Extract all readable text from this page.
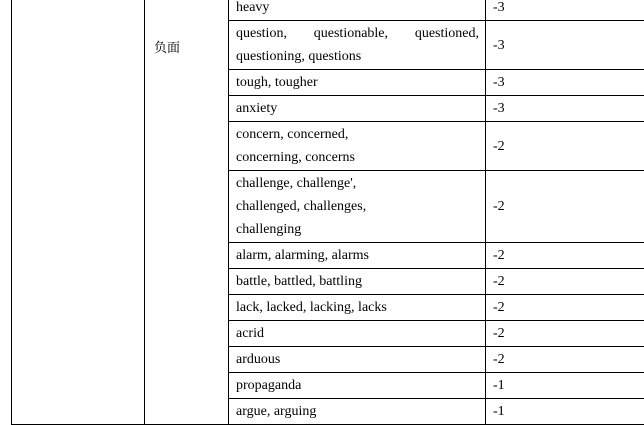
	负面	heavy	-3
		question, questionable, questioned, questioning, questions	-3
		tough, tougher	-3
		anxiety	-3
		concern, concerned, concerning, concerns	-2
		challenge, challenge', challenged, challenges, challenging	-2
		alarm, alarming, alarms	-2
		battle, battled, battling	-2
		lack, lacked, lacking, lacks	-2
		acrid	-2
		arduous	-2
		propaganda	-1
		argue, arguing	-1
